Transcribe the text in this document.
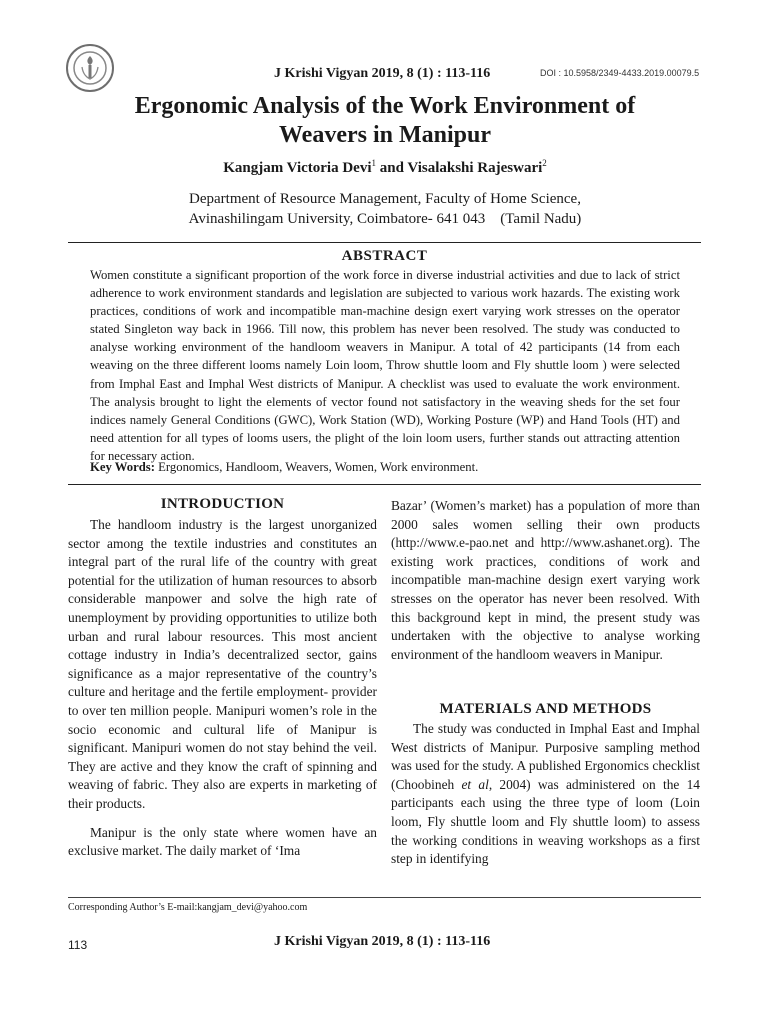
J Krishi Vigyan 2019, 8 (1) : 113-116	DOI : 10.5958/2349-4433.2019.00079.5
Ergonomic Analysis of the Work Environment of
Weavers in Manipur
Kangjam Victoria Devi$^1$ and Visalakshi Rajeswari$^2$
Department of Resource Management, Faculty of Home Science,
Avinashilingam University, Coimbatore- 641 043    (Tamil Nadu)
ABSTRACT
Women constitute a significant proportion of the work force in diverse industrial activities and due to lack of strict adherence to work environment standards and legislation are subjected to various work hazards. The existing work practices, conditions of work and incompatible man-machine design exert varying work stresses on the operator stated Singleton way back in 1966. Till now, this problem has never been resolved. The study was conducted to analyse working environment of the handloom weavers in Manipur. A total of 42 participants (14 from each weaving on the three different looms namely Loin loom, Throw shuttle loom and Fly shuttle loom ) were selected from Imphal East and Imphal West districts of Manipur. A checklist was used to evaluate the work environment. The analysis brought to light the elements of vector found not satisfactory in the weaving sheds for the set four indices namely General Conditions (GWC), Work Station (WD), Working Posture (WP) and Hand Tools (HT) and need attention for all types of looms users, the plight of the loin loom users, further stands out attracting attention for necessary action.
Key Words: Ergonomics, Handloom, Weavers, Women, Work environment.
INTRODUCTION

The handloom industry is the largest unorganized sector among the textile industries and constitutes an integral part of the rural life of the country with great potential for the utilization of human resources to absorb considerable manpower and solve the high rate of unemployment by providing opportunities to utilize both urban and rural labour resources. This most ancient cottage industry in India’s decentralized sector, gains significance as a major representative of the country’s culture and heritage and the fertile employment- provider to over ten million people. Manipuri women’s role in the socio economic and cultural life of Manipur is significant. Manipuri women do not stay behind the veil. They are active and they know the craft of spinning and weaving of fabric. They also are experts in marketing of their products.

Manipur is the only state where women have an exclusive market. The daily market of ‘Ima

Bazar’ (Women’s market) has a population of more than 2000 sales women selling their own products (http://www.e-pao.net and http://www.ashanet.org). The existing work practices, conditions of work and incompatible man-machine design exert varying work stresses on the operator has never been resolved. With this background kept in mind, the present study was undertaken with the objective to analyse working environment of the handloom weavers in Manipur.

MATERIALS AND METHODS

The study was conducted in Imphal East and Imphal West districts of Manipur. Purposive sampling method was used for the study. A published Ergonomics checklist (Choobineh et al, 2004) was administered on the 14 participants each using the three type of loom (Loin loom, Fly shuttle loom and Fly shuttle loom) to assess the working conditions in weaving workshops as a first step in identifying

Corresponding Author’s E-mail:kangjam_devi@yahoo.com
113	J Krishi Vigyan 2019, 8 (1) : 113-116
